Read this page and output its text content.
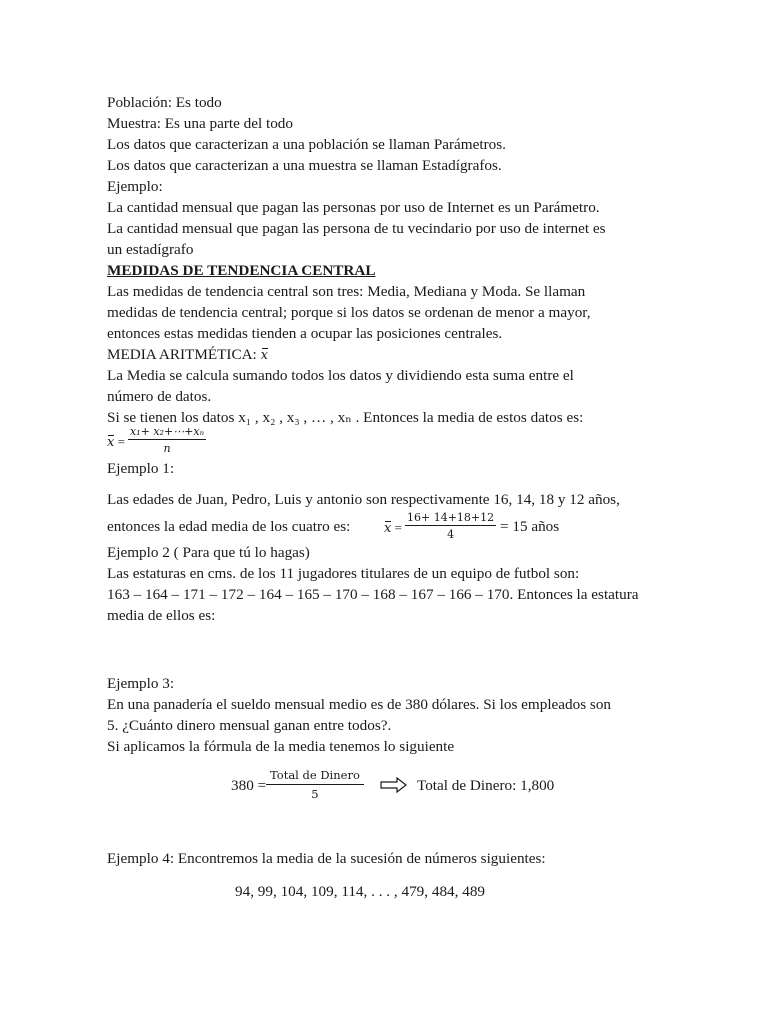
Población: Es todo
Muestra: Es una parte del todo
Los datos que caracterizan a una población se llaman Parámetros.
Los datos que caracterizan a una muestra se llaman Estadígrafos.
Ejemplo:
La cantidad mensual que pagan las personas por uso de Internet es un Parámetro.
La cantidad mensual que pagan las persona de tu vecindario por uso de internet es
un estadígrafo
MEDIDAS DE TENDENCIA CENTRAL
Las medidas de tendencia central son tres: Media, Mediana y Moda. Se llaman
medidas de tendencia central; porque si los datos se ordenan de menor a mayor,
entonces estas medidas tienden a ocupar las posiciones centrales.
MEDIA ARITMÉTICA: x
La Media se calcula sumando todos los datos y dividiendo esta suma entre el
número de datos.
Si se tienen los datos x₁ , x₂ , x₃ , … , xₙ . Entonces la media de estos datos es:
$x = \frac{\text{x₁+ x₂+⋯+xₙ}}{n}$
Ejemplo 1:
Las edades de Juan, Pedro, Luis y antonio son respectivamente 16, 14, 18 y 12 años,
entonces la edad media de los cuatro es:	$x = \frac{16+ 14+18+12}{4} = 15$ años
Ejemplo 2 ( Para que tú lo hagas)
Las estaturas en cms. de los 11 jugadores titulares de un equipo de futbol son:
163 – 164 – 171 – 172 – 164 – 165 – 170 – 168 – 167 – 166 – 170. Entonces la estatura
media de ellos es:
Ejemplo 3:
En una panadería el sueldo mensual medio es de 380 dólares. Si los empleados son
5. ¿Cuánto dinero mensual ganan entre todos?.
Si aplicamos la fórmula de la media tenemos lo siguiente
380 =
Total de Dinero
5	Total de Dinero: 1,800
Ejemplo 4: Encontremos la media de la sucesión de números siguientes:
94, 99, 104, 109, 114, . . . , 479, 484, 489
